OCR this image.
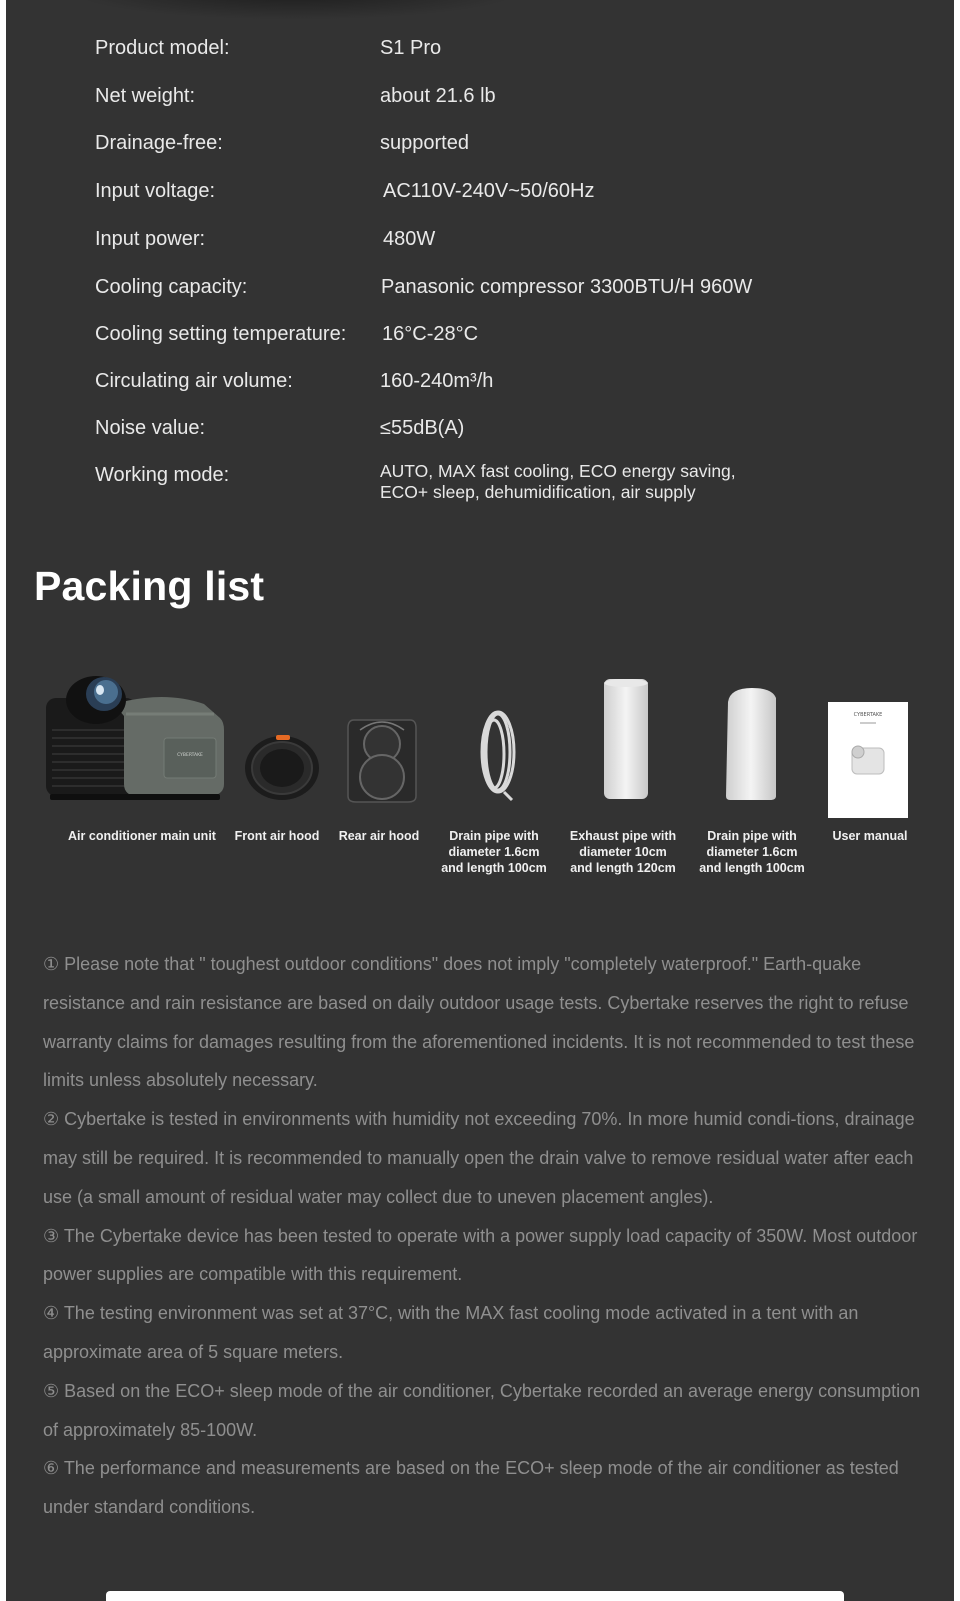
Product model:	S1 Pro
Net weight:	about 21.6 lb
Drainage-free:	supported
Input voltage:	AC110V-240V~50/60Hz
Input power:	480W
Cooling capacity:	Panasonic compressor 3300BTU/H 960W
Cooling setting temperature: 16°C-28°C
Circulating air volume:	160-240m³/h
Noise value:	≤55dB(A)
Working mode:	AUTO, MAX fast cooling, ECO energy saving,
ECO+ sleep, dehumidification, air supply
Packing list
CYBERTAKE
CYBERTAKE
Air conditioner main unit	Front air hood	Rear air hood	Drain pipe with
diameter 1.6cm
and length 100cm
Exhaust pipe with
diameter 10cm
and length 120cm
Drain pipe with
diameter 1.6cm
and length 100cm
User manual

① Please note that " toughest outdoor conditions" does not imply "completely waterproof." Earth-quake resistance and rain resistance are based on daily outdoor usage tests. Cybertake reserves the right to refuse warranty claims for damages resulting from the aforementioned incidents. It is not recommended to test these limits unless absolutely necessary.

② Cybertake is tested in environments with humidity not exceeding 70%. In more humid condi-tions, drainage may still be required. It is recommended to manually open the drain valve to remove residual water after each use (a small amount of residual water may collect due to uneven placement angles).

③ The Cybertake device has been tested to operate with a power supply load capacity of 350W. Most outdoor power supplies are compatible with this requirement.

④ The testing environment was set at 37°C, with the MAX fast cooling mode activated in a tent with an approximate area of 5 square meters.

⑤ Based on the ECO+ sleep mode of the air conditioner, Cybertake recorded an average energy consumption of approximately 85-100W.

⑥ The performance and measurements are based on the ECO+ sleep mode of the air conditioner as tested under standard conditions.
